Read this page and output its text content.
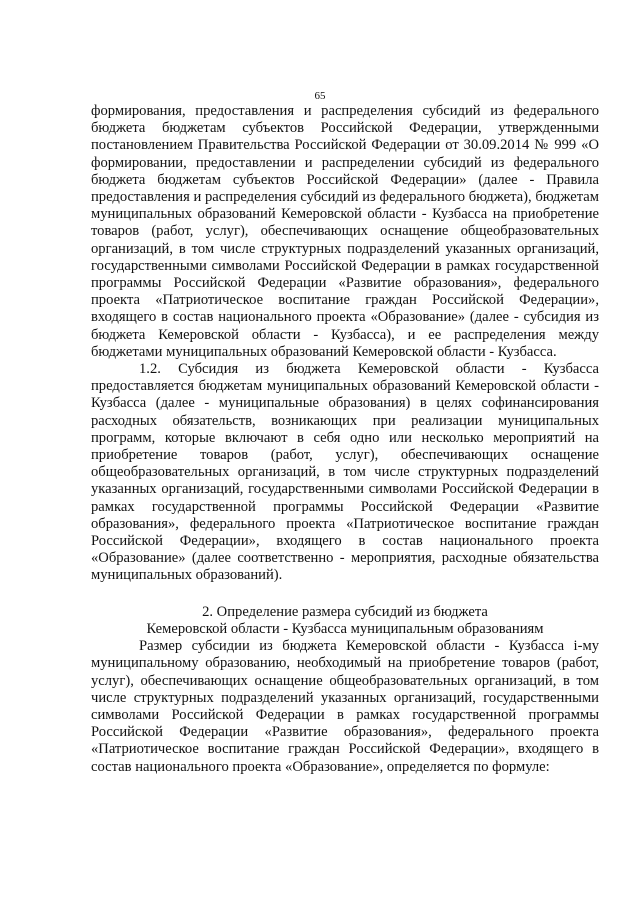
65

формирования, предоставления и распределения субсидий из федерального бюджета бюджетам субъектов Российской Федерации, утвержденными постановлением Правительства Российской Федерации от 30.09.2014 № 999 «О формировании, предоставлении и распределении субсидий из федерального бюджета бюджетам субъектов Российской Федерации» (далее - Правила предоставления и распределения субсидий из федерального бюджета), бюджетам муниципальных образований Кемеровской области - Кузбасса на приобретение товаров (работ, услуг), обеспечивающих оснащение общеобразовательных организаций, в том числе структурных подразделений указанных организаций, государственными символами Российской Федерации в рамках государственной программы Российской Федерации «Развитие образования», федерального проекта «Патриотическое воспитание граждан Российской Федерации», входящего в состав национального проекта «Образование» (далее - субсидия из бюджета Кемеровской области - Кузбасса), и ее распределения между бюджетами муниципальных образований Кемеровской области - Кузбасса.

1.2. Субсидия из бюджета Кемеровской области - Кузбасса предоставляется бюджетам муниципальных образований Кемеровской области - Кузбасса (далее - муниципальные образования) в целях софинансирования расходных обязательств, возникающих при реализации муниципальных программ, которые включают в себя одно или несколько мероприятий на приобретение товаров (работ, услуг), обеспечивающих оснащение общеобразовательных организаций, в том числе структурных подразделений указанных организаций, государственными символами Российской Федерации в рамках государственной программы Российской Федерации «Развитие образования», федерального проекта «Патриотическое воспитание граждан Российской Федерации», входящего в состав национального проекта «Образование» (далее соответственно - мероприятия, расходные обязательства муниципальных образований).

2. Определение размера субсидий из бюджета
Кемеровской области - Кузбасса муниципальным образованиям

Размер субсидии из бюджета Кемеровской области - Кузбасса i-му муниципальному образованию, необходимый на приобретение товаров (работ, услуг), обеспечивающих оснащение общеобразовательных организаций, в том числе структурных подразделений указанных организаций, государственными символами Российской Федерации в рамках государственной программы Российской Федерации «Развитие образования», федерального проекта «Патриотическое воспитание граждан Российской Федерации», входящего в состав национального проекта «Образование», определяется по формуле:
